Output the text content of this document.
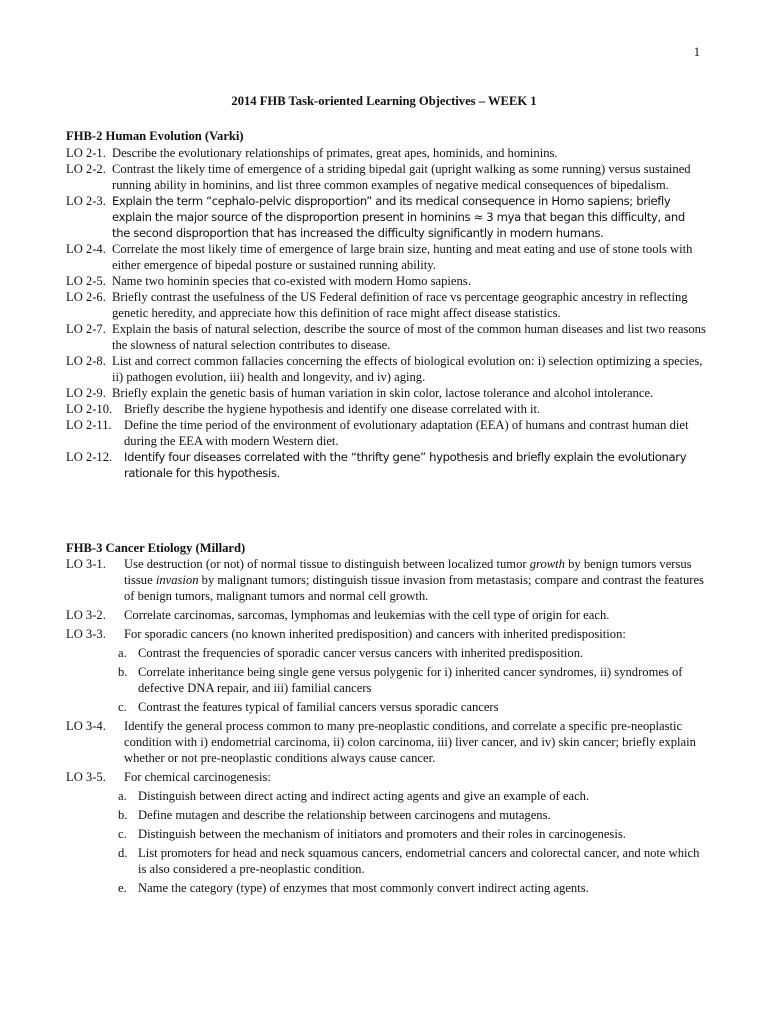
1
2014 FHB Task-oriented Learning Objectives – WEEK 1
FHB-2 Human Evolution (Varki)
LO 2-1. Describe the evolutionary relationships of primates, great apes, hominids, and hominins.
LO 2-2. Contrast the likely time of emergence of a striding bipedal gait (upright walking as some running) versus sustained running ability in hominins, and list three common examples of negative medical consequences of bipedalism.
LO 2-3. Explain the term “cephalo-pelvic disproportion” and its medical consequence in Homo sapiens; briefly explain the major source of the disproportion present in hominins ≈ 3 mya that began this difficulty, and the second disproportion that has increased the difficulty significantly in modern humans.
LO 2-4. Correlate the most likely time of emergence of large brain size, hunting and meat eating and use of stone tools with either emergence of bipedal posture or sustained running ability.
LO 2-5. Name two hominin species that co-existed with modern Homo sapiens.
LO 2-6. Briefly contrast the usefulness of the US Federal definition of race vs percentage geographic ancestry in reflecting genetic heredity, and appreciate how this definition of race might affect disease statistics.
LO 2-7. Explain the basis of natural selection, describe the source of most of the common human diseases and list two reasons the slowness of natural selection contributes to disease.
LO 2-8. List and correct common fallacies concerning the effects of biological evolution on: i) selection optimizing a species, ii) pathogen evolution, iii) health and longevity, and iv) aging.
LO 2-9. Briefly explain the genetic basis of human variation in skin color, lactose tolerance and alcohol intolerance.
LO 2-10. Briefly describe the hygiene hypothesis and identify one disease correlated with it.
LO 2-11. Define the time period of the environment of evolutionary adaptation (EEA) of humans and contrast human diet during the EEA with modern Western diet.
LO 2-12.	Identify four diseases correlated with the “thrifty gene” hypothesis and briefly explain the evolutionary rationale for this hypothesis.
FHB-3 Cancer Etiology (Millard)
LO 3-1. Use destruction (or not) of normal tissue to distinguish between localized tumor growth by benign tumors versus tissue invasion by malignant tumors; distinguish tissue invasion from metastasis; compare and contrast the features of benign tumors, malignant tumors and normal cell growth.
LO 3-2. Correlate carcinomas, sarcomas, lymphomas and leukemias with the cell type of origin for each.
LO 3-3. For sporadic cancers (no known inherited predisposition) and cancers with inherited predisposition:
a. Contrast the frequencies of sporadic cancer versus cancers with inherited predisposition.
b. Correlate inheritance being single gene versus polygenic for i) inherited cancer syndromes, ii) syndromes of defective DNA repair, and iii) familial cancers
c. Contrast the features typical of familial cancers versus sporadic cancers
LO 3-4. Identify the general process common to many pre-neoplastic conditions, and correlate a specific pre-neoplastic condition with i) endometrial carcinoma, ii) colon carcinoma, iii) liver cancer, and iv) skin cancer; briefly explain whether or not pre-neoplastic conditions always cause cancer.
LO 3-5. For chemical carcinogenesis:
a. Distinguish between direct acting and indirect acting agents and give an example of each.
b. Define mutagen and describe the relationship between carcinogens and mutagens.
c. Distinguish between the mechanism of initiators and promoters and their roles in carcinogenesis.
d. List promoters for head and neck squamous cancers, endometrial cancers and colorectal cancer, and note which is also considered a pre-neoplastic condition.
e. Name the category (type) of enzymes that most commonly convert indirect acting agents.
